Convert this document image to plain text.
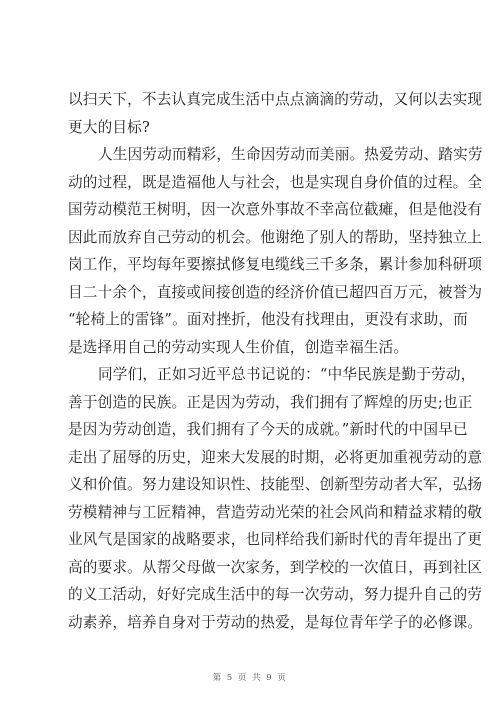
以扫天下，不去认真完成生活中点点滴滴的劳动，又何以去实现
更大的目标?
人生因劳动而精彩，生命因劳动而美丽。热爱劳动、踏实劳
动的过程，既是造福他人与社会，也是实现自身价值的过程。全
国劳动模范王树明，因一次意外事故不幸高位截瘫，但是他没有
因此而放弃自己劳动的机会。他谢绝了别人的帮助，坚持独立上
岗工作，平均每年要擦拭修复电缆线三千多条，累计参加科研项
目二十余个，直接或间接创造的经济价值已超四百万元，被誉为
“轮椅上的雷锋”。面对挫折，他没有找理由，更没有求助，而
是选择用自己的劳动实现人生价值，创造幸福生活。
同学们，正如习近平总书记说的：“中华民族是勤于劳动，
善于创造的民族。正是因为劳动，我们拥有了辉煌的历史;也正
是因为劳动创造，我们拥有了今天的成就。”新时代的中国早已
走出了屈辱的历史，迎来大发展的时期，必将更加重视劳动的意
义和价值。努力建设知识性、技能型、创新型劳动者大军，弘扬
劳模精神与工匠精神，营造劳动光荣的社会风尚和精益求精的敬
业风气是国家的战略要求，也同样给我们新时代的青年提出了更
高的要求。从帮父母做一次家务，到学校的一次值日，再到社区
的义工活动，好好完成生活中的每一次劳动，努力提升自己的劳
动素养，培养自身对于劳动的热爱，是每位青年学子的必修课。
第 5 页 共 9 页
